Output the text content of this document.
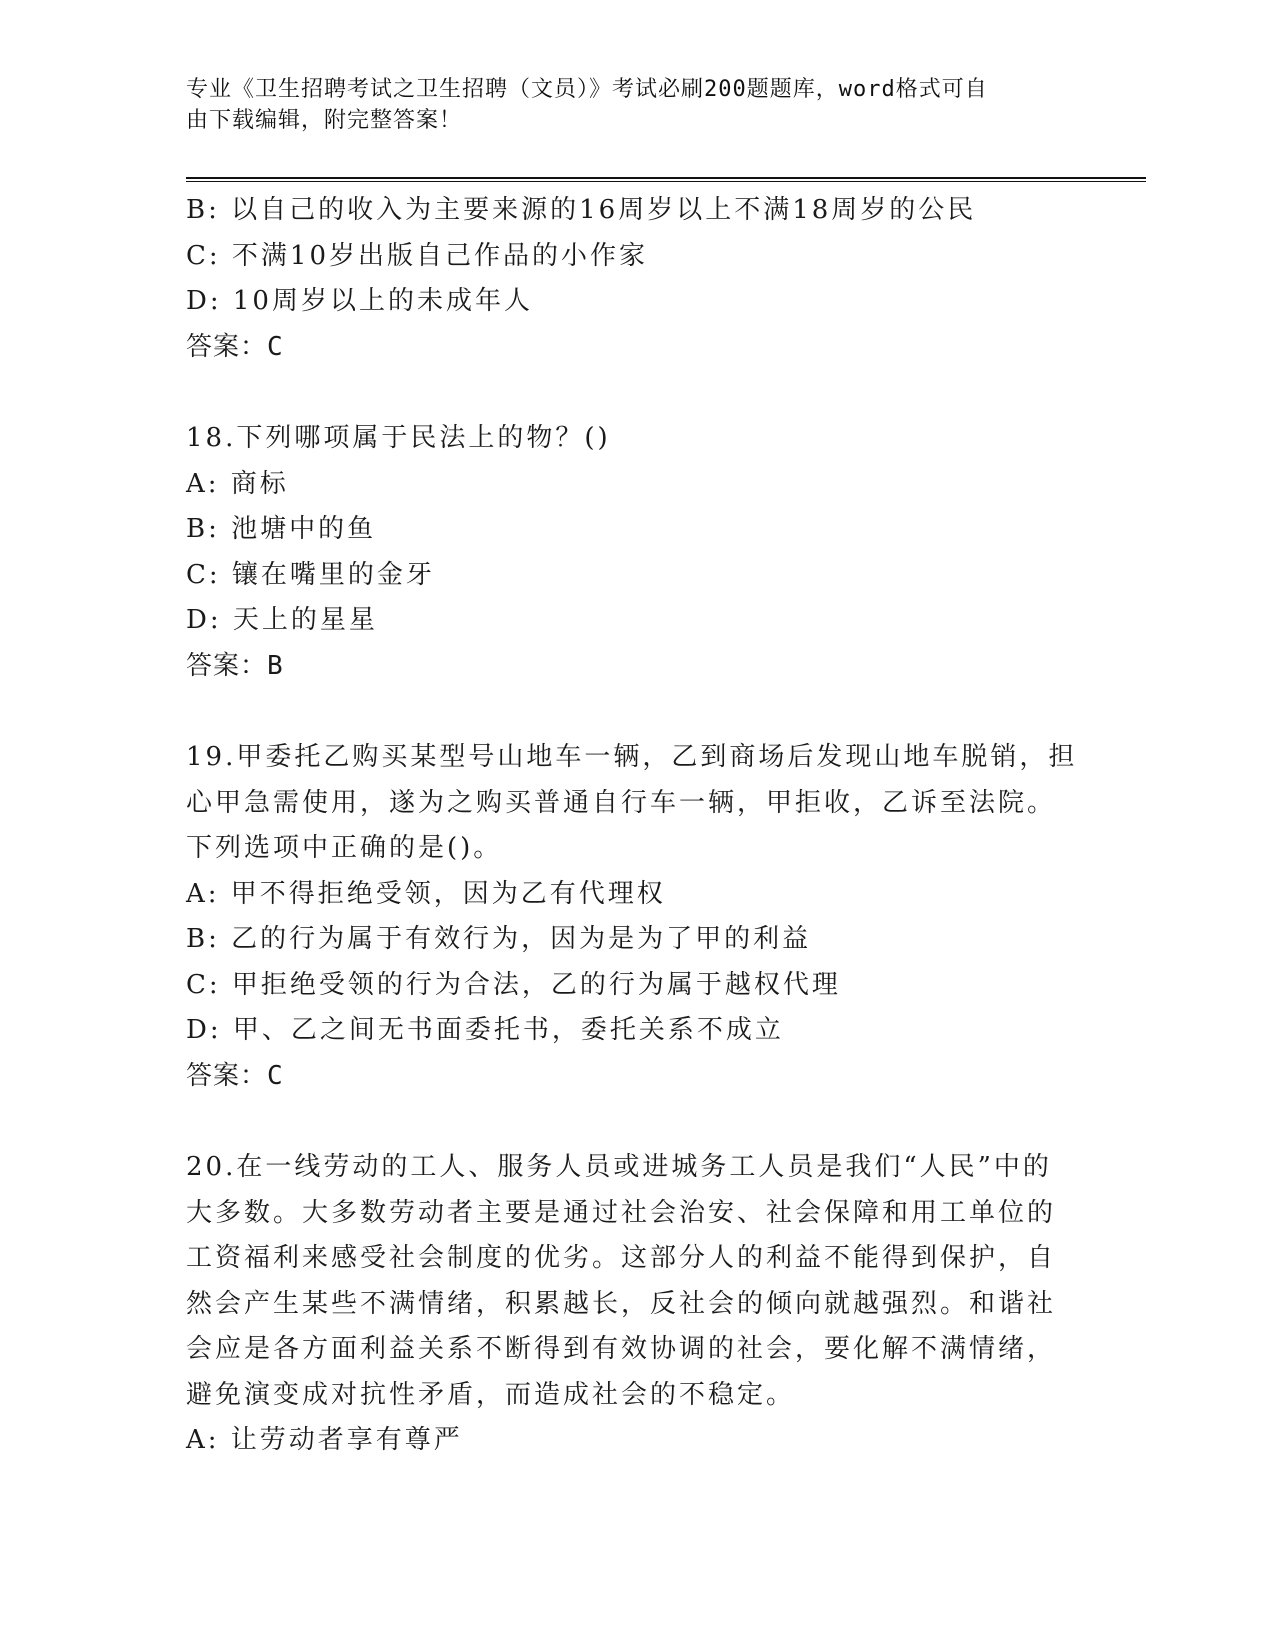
专业《卫生招聘考试之卫生招聘（文员）》考试必刷200题题库，word格式可自
由下载编辑，附完整答案！
B: 以自己的收入为主要来源的16周岁以上不满18周岁的公民
C: 不满10岁出版自己作品的小作家
D: 10周岁以上的未成年人
答案：C
18.下列哪项属于民法上的物？()
A: 商标
B: 池塘中的鱼
C: 镶在嘴里的金牙
D: 天上的星星
答案：B
19.甲委托乙购买某型号山地车一辆，乙到商场后发现山地车脱销，担
心甲急需使用，遂为之购买普通自行车一辆，甲拒收，乙诉至法院。
下列选项中正确的是()。
A: 甲不得拒绝受领，因为乙有代理权
B: 乙的行为属于有效行为，因为是为了甲的利益
C: 甲拒绝受领的行为合法，乙的行为属于越权代理
D: 甲、乙之间无书面委托书，委托关系不成立
答案：C
20.在一线劳动的工人、服务人员或进城务工人员是我们“人民”中的
大多数。大多数劳动者主要是通过社会治安、社会保障和用工单位的
工资福利来感受社会制度的优劣。这部分人的利益不能得到保护，自
然会产生某些不满情绪，积累越长，反社会的倾向就越强烈。和谐社
会应是各方面利益关系不断得到有效协调的社会，要化解不满情绪，
避免演变成对抗性矛盾，而造成社会的不稳定。
A: 让劳动者享有尊严
